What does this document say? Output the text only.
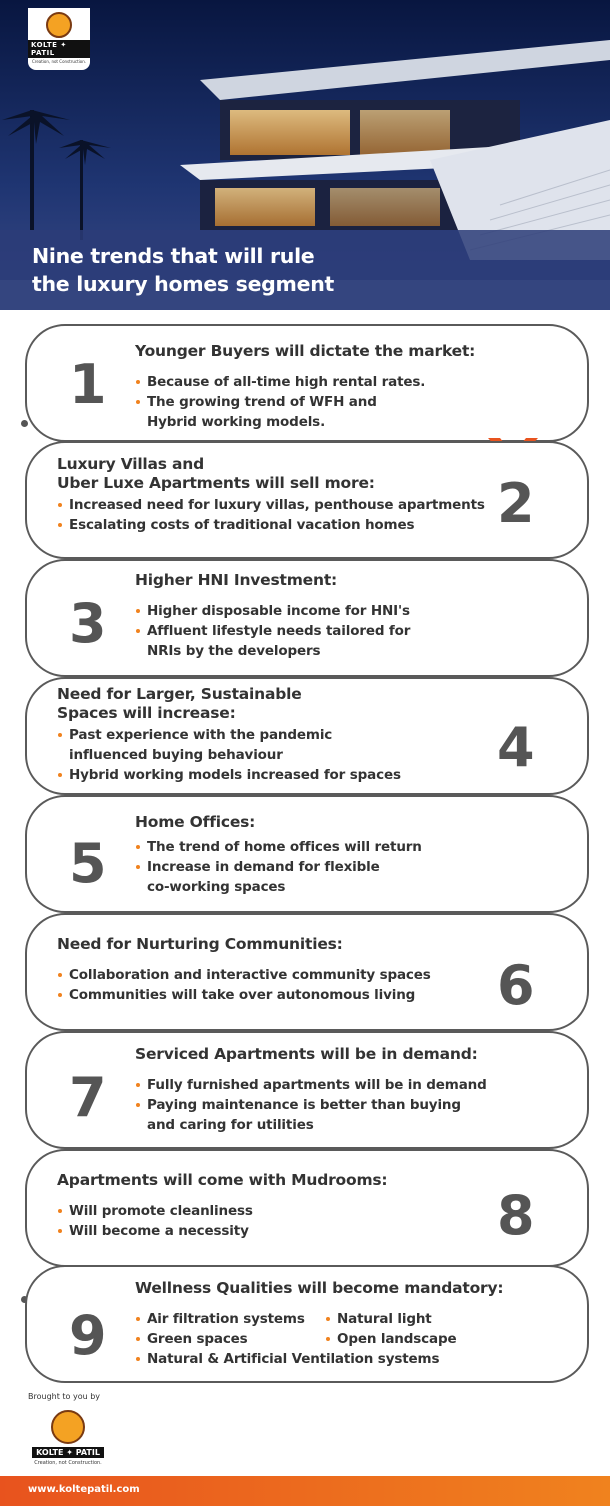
KOLTE ✦ PATIL
Creation, not Construction.
Nine trends that will rule
the luxury homes segment
Younger Buyers will dictate the market:
Because of all-time high rental rates.
The growing trend of WFH and
Hybrid working models.
1
Luxury Villas and
Uber Luxe Apartments will sell more:
Increased need for luxury villas, penthouse apartments
Escalating costs of traditional vacation homes	2
Higher HNI Investment:
Higher disposable income for HNI's
Affluent lifestyle needs tailored for
NRIs by the developers
3
Need for Larger, Sustainable
Spaces will increase:
Past experience with the pandemic
influenced buying behaviour
Hybrid working models increased for spaces 4
Home Offices:
The trend of home offices will return
Increase in demand for flexible
co-working spaces
5
Need for Nurturing Communities:
Collaboration and interactive community spaces
Communities will take over autonomous living 6
Serviced Apartments will be in demand:
Fully furnished apartments will be in demand
Paying maintenance is better than buying
and caring for utilities
7
Apartments will come with Mudrooms:
Will promote cleanliness
Will become a necessity	8
Wellness Qualities will become mandatory:
Air filtration systems	Natural light
Green spaces	Open landscape
Natural & Artificial Ventilation systems
9
Brought to you by
KOLTE ✦ PATIL
Creation, not Construction.
www.koltepatil.com
